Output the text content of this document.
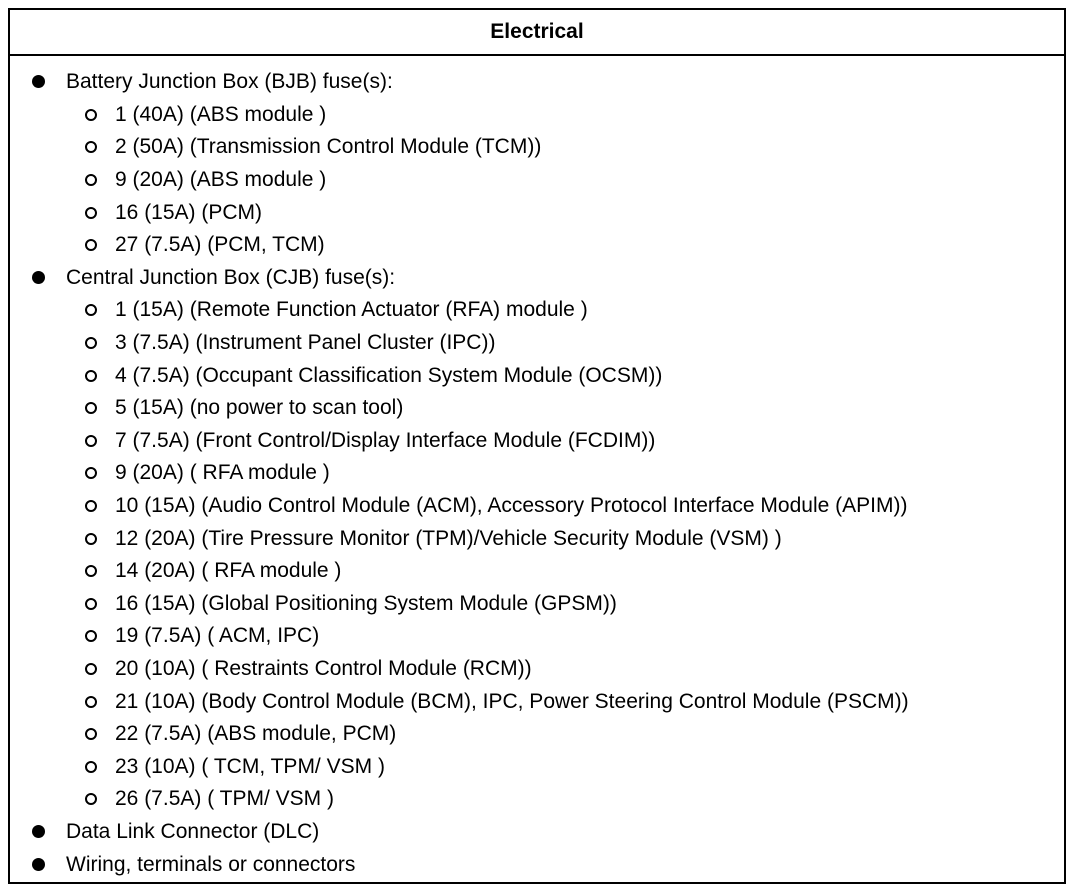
Electrical
Battery Junction Box (BJB) fuse(s):
1 (40A) (ABS module )
2 (50A) (Transmission Control Module (TCM))
9 (20A) (ABS module )
16 (15A) (PCM)
27 (7.5A) (PCM, TCM)
Central Junction Box (CJB) fuse(s):
1 (15A) (Remote Function Actuator (RFA) module )
3 (7.5A) (Instrument Panel Cluster (IPC))
4 (7.5A) (Occupant Classification System Module (OCSM))
5 (15A) (no power to scan tool)
7 (7.5A) (Front Control/Display Interface Module (FCDIM))
9 (20A) ( RFA module )
10 (15A) (Audio Control Module (ACM), Accessory Protocol Interface Module (APIM))
12 (20A) (Tire Pressure Monitor (TPM)/Vehicle Security Module (VSM) )
14 (20A) ( RFA module )
16 (15A) (Global Positioning System Module (GPSM))
19 (7.5A) ( ACM, IPC)
20 (10A) ( Restraints Control Module (RCM))
21 (10A) (Body Control Module (BCM), IPC, Power Steering Control Module (PSCM))
22 (7.5A) (ABS module, PCM)
23 (10A) ( TCM, TPM/ VSM )
26 (7.5A) ( TPM/ VSM )
Data Link Connector (DLC)
Wiring, terminals or connectors
